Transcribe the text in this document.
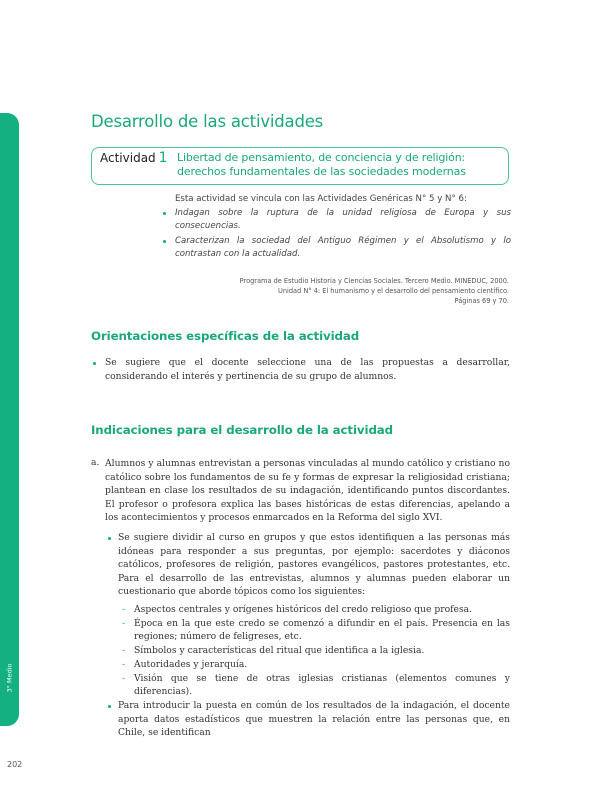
3° Medio
202
Desarrollo de las actividades
Actividad 1 Libertad de pensamiento, de conciencia y de religión: derechos fundamentales de las sociedades modernas

Esta actividad se vincula con las Actividades Genéricas N° 5 y N° 6:

Indagan sobre la ruptura de la unidad religiosa de Europa y sus consecuencias.
Caracterizan la sociedad del Antiguo Régimen y el Absolutismo y lo contrastan con la actualidad.
Programa de Estudio Historia y Ciencias Sociales. Tercero Medio. MINEDUC, 2000.
Unidad N° 4: El humanismo y el desarrollo del pensamiento científico.
Páginas 69 y 70.
Orientaciones específicas de la actividad
Se sugiere que el docente seleccione una de las propuestas a desarrollar, considerando el interés y pertinencia de su grupo de alumnos.
Indicaciones para el desarrollo de la actividad
a. Alumnos y alumnas entrevistan a personas vinculadas al mundo católico y cristiano no católico sobre los fundamentos de su fe y formas de expresar la religiosidad cristiana; plantean en clase los resultados de su indagación, identificando puntos discordantes. El profesor o profesora explica las bases históricas de estas diferencias, apelando a los acontecimientos y procesos enmarcados en la Reforma del siglo XVI.
Se sugiere dividir al curso en grupos y que estos identifiquen a las personas más idóneas para responder a sus preguntas, por ejemplo: sacerdotes y diáconos católicos, profesores de religión, pastores evangélicos, pastores protestantes, etc. Para el desarrollo de las entrevistas, alumnos y alumnas pueden elaborar un cuestionario que aborde tópicos como los siguientes:
- Aspectos centrales y orígenes históricos del credo religioso que profesa.
- Época en la que este credo se comenzó a difundir en el país. Presencia en las regiones; número de feligreses, etc.
- Símbolos y características del ritual que identifica a la iglesia.
- Autoridades y jerarquía.
- Visión que se tiene de otras iglesias cristianas (elementos comunes y diferencias).
Para introducir la puesta en común de los resultados de la indagación, el docente aporta datos estadísticos que muestren la relación entre las personas que, en Chile, se identifican
